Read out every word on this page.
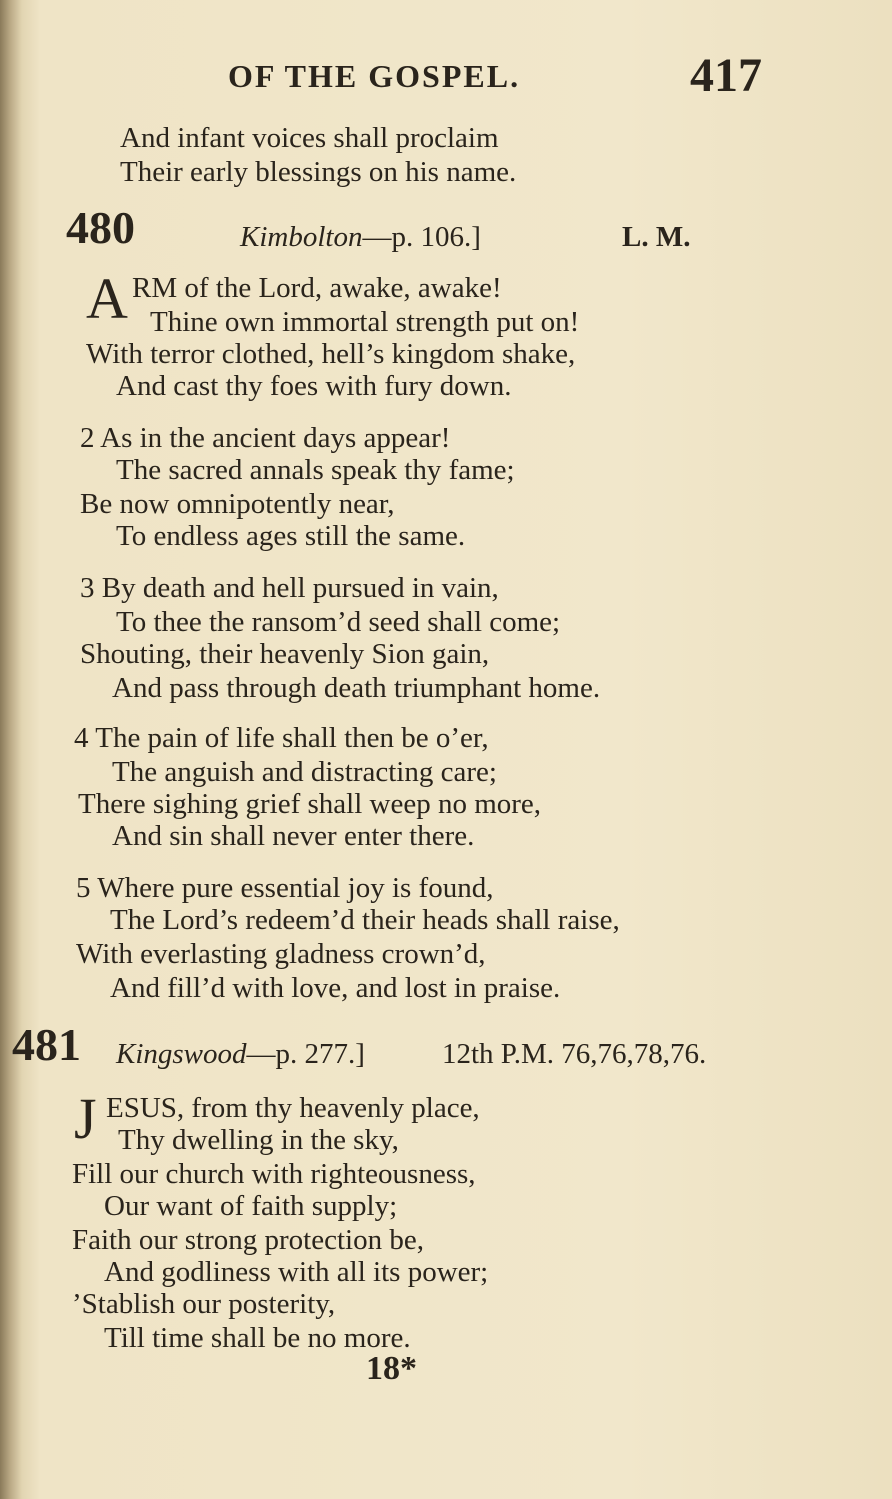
OF THE GOSPEL.	417
And infant voices shall proclaim
Their early blessings on his name.
480	Kimbolton—p. 106.]	L. M.
A RM of the Lord, awake, awake!
Thine own immortal strength put on!
With terror clothed, hell’s kingdom shake,
And cast thy foes with fury down.
2 As in the ancient days appear!
The sacred annals speak thy fame;
Be now omnipotently near,
To endless ages still the same.
3 By death and hell pursued in vain,
To thee the ransom’d seed shall come;
Shouting, their heavenly Sion gain,
And pass through death triumphant home.
4 The pain of life shall then be o’er,
The anguish and distracting care;
There sighing grief shall weep no more,
And sin shall never enter there.
5 Where pure essential joy is found,
The Lord’s redeem’d their heads shall raise,
With everlasting gladness crown’d,
And fill’d with love, and lost in praise.
481 Kingswood—p. 277.]	12th P.M. 76,76,78,76.
J ESUS, from thy heavenly place,
Thy dwelling in the sky,
Fill our church with righteousness,
Our want of faith supply;
Faith our strong protection be,
And godliness with all its power;
’Stablish our posterity,
Till time shall be no more.
18*
